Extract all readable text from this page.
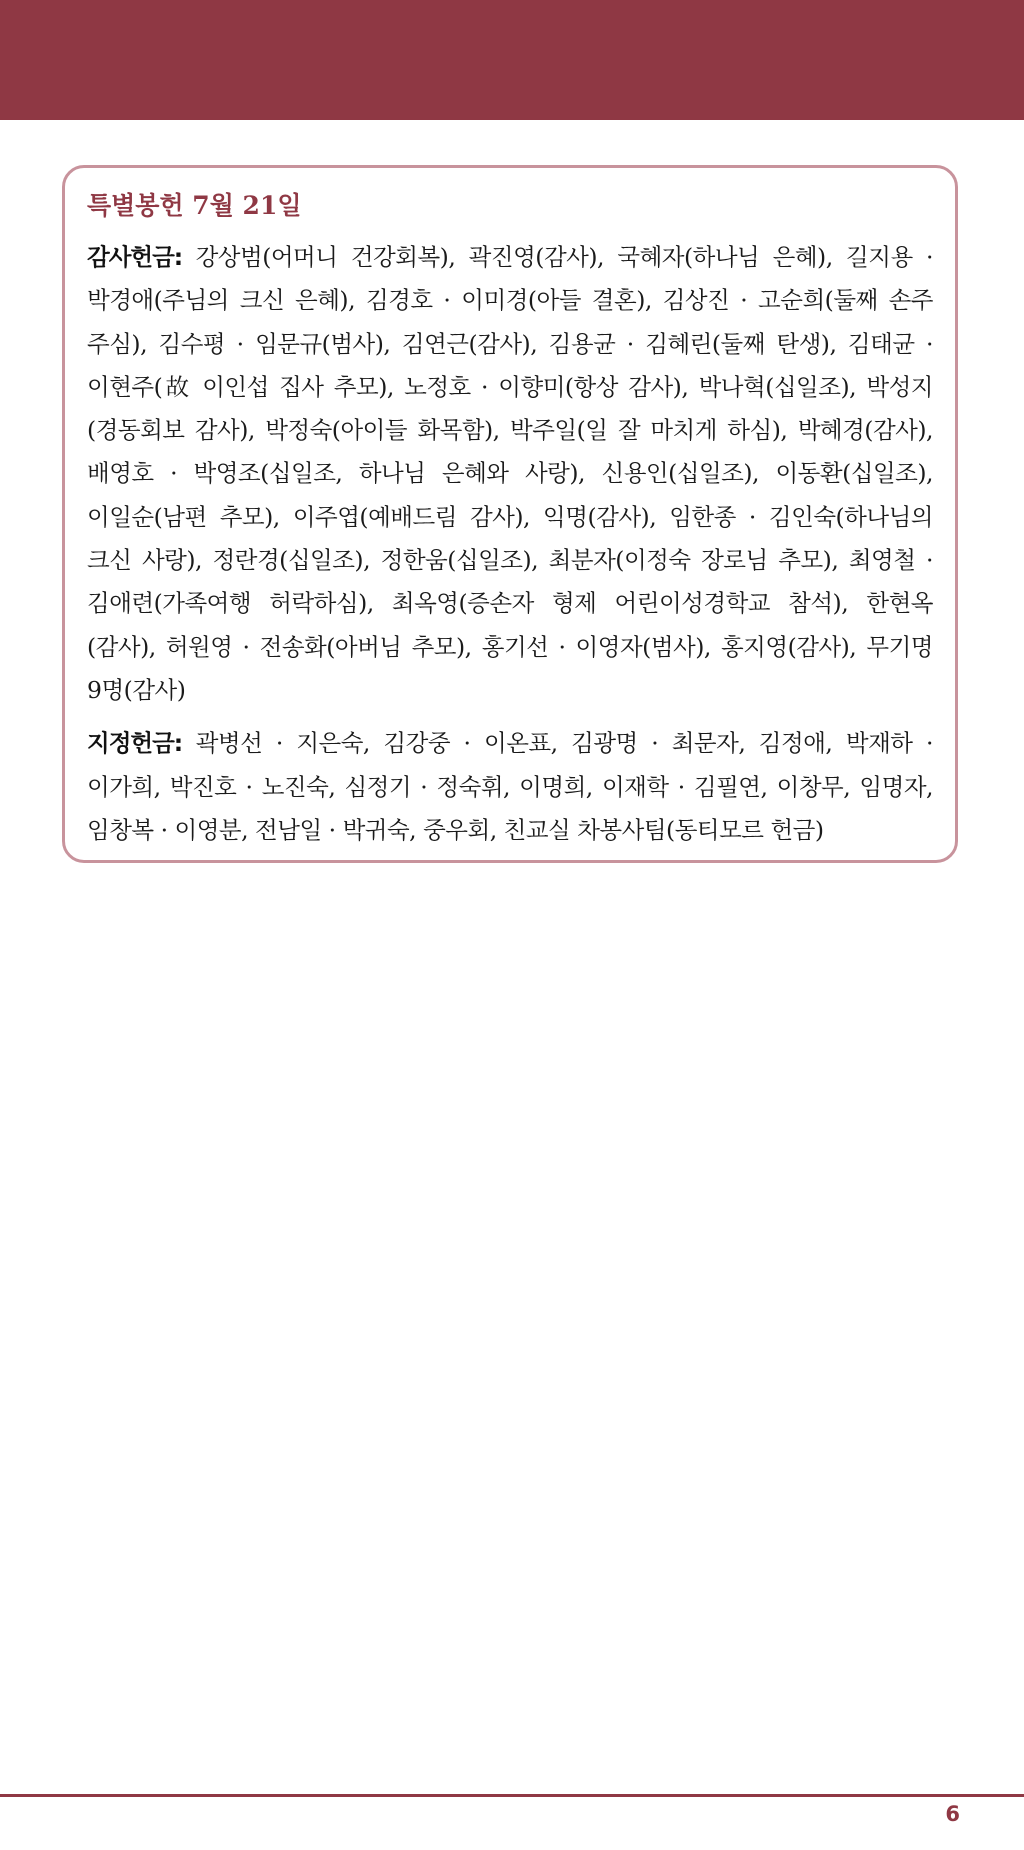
특별봉헌 7월 21일

감사헌금: 강상범(어머니 건강회복), 곽진영(감사), 국혜자(하나님 은혜), 길지용 · 박경애(주님의 크신 은혜), 김경호 · 이미경(아들 결혼), 김상진 · 고순희(둘째 손주 주심), 김수평 · 임문규(범사), 김연근(감사), 김용균 · 김혜린(둘째 탄생), 김태균 · 이현주(故 이인섭 집사 추모), 노정호 · 이향미(항상 감사), 박나혁(십일조), 박성지(경동회보 감사), 박정숙(아이들 화목함), 박주일(일 잘 마치게 하심), 박혜경(감사), 배영호 · 박영조(십일조, 하나님 은혜와 사랑), 신용인(십일조), 이동환(십일조), 이일순(남편 추모), 이주엽(예배드림 감사), 익명(감사), 임한종 · 김인숙(하나님의 크신 사랑), 정란경(십일조), 정한움(십일조), 최분자(이정숙 장로님 추모), 최영철 · 김애련(가족여행 허락하심), 최옥영(증손자 형제 어린이성경학교 참석), 한현옥(감사), 허원영 · 전송화(아버님 추모), 홍기선 · 이영자(범사), 홍지영(감사), 무기명 9명(감사)

지정헌금: 곽병선 · 지은숙, 김강중 · 이온표, 김광명 · 최문자, 김정애, 박재하 · 이가희, 박진호 · 노진숙, 심정기 · 정숙휘, 이명희, 이재학 · 김필연, 이창무, 임명자, 임창복 · 이영분, 전남일 · 박귀숙, 중우회, 친교실 차봉사팀(동티모르 헌금)

6
